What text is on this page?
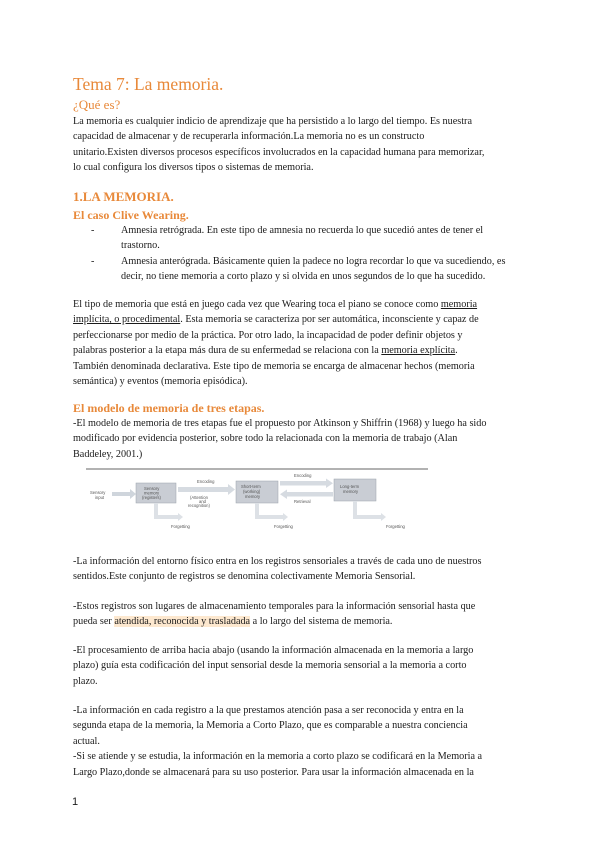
Tema 7: La memoria.
¿Qué es?
La memoria es cualquier indicio de aprendizaje que ha persistido a lo largo del tiempo. Es nuestra
capacidad de almacenar y de recuperarla información.La memoria no es un constructo
unitario.Existen diversos procesos específicos involucrados en la capacidad humana para memorizar,
lo cual configura los diversos tipos o sistemas de memoria.
1.LA MEMORIA.
El caso Clive Wearing.
-	Amnesia retrógrada. En este tipo de amnesia no recuerda lo que sucedió antes de tener el
trastorno.
-	Amnesia anterógrada. Básicamente quien la padece no logra recordar lo que va sucediendo, es
decir, no tiene memoria a corto plazo y si olvida en unos segundos de lo que ha sucedido.
El tipo de memoria que está en juego cada vez que Wearing toca el piano se conoce como memoria
implícita, o procedimental. Esta memoria se caracteriza por ser automática, inconsciente y capaz de
perfeccionarse por medio de la práctica. Por otro lado, la incapacidad de poder definir objetos y
palabras posterior a la etapa más dura de su enfermedad se relaciona con la memoria explícita.
También denominada declarativa. Este tipo de memoria se encarga de almacenar hechos (memoria
semántica) y eventos (memoria episódica).
El modelo de memoria de tres etapas.
-El modelo de memoria de tres etapas fue el propuesto por Atkinson y Shiffrin (1968) y luego ha sido
modificado por evidencia posterior, sobre todo la relacionada con la memoria de trabajo (Alan
Baddeley, 2001.)
Sensory
input
Sensory
memory
(registers)
Encoding
(Attention
and
recognition)
Short-term
(working)
memory
Encoding
Retrieval
Long-term
memory
Forgetting	Forgetting	Forgetting
-La información del entorno físico entra en los registros sensoriales a través de cada uno de nuestros
sentidos.Este conjunto de registros se denomina colectivamente Memoria Sensorial.
-Estos registros son lugares de almacenamiento temporales para la información sensorial hasta que
pueda ser atendida, reconocida y trasladada a lo largo del sistema de memoria.
-El procesamiento de arriba hacia abajo (usando la información almacenada en la memoria a largo
plazo) guía esta codificación del input sensorial desde la memoria sensorial a la memoria a corto
plazo.
-La información en cada registro a la que prestamos atención pasa a ser reconocida y entra en la
segunda etapa de la memoria, la Memoria a Corto Plazo, que es comparable a nuestra conciencia
actual.
-Si se atiende y se estudia, la información en la memoria a corto plazo se codificará en la Memoria a
Largo Plazo,donde se almacenará para su uso posterior. Para usar la información almacenada en la
1
